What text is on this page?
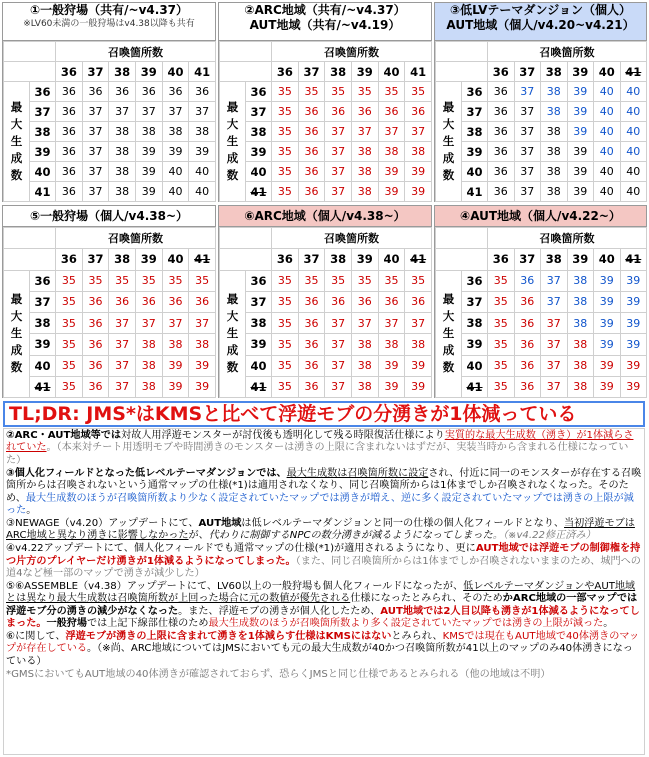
①一般狩場（共有/~v4.37）
※LV60未満の一般狩場はv4.38以降も共有
		召喚箇所数					
		36	37	38	39	40	41

最
大
生
成
数	36	36	36	36	36	36	36
	37	36	37	37	37	37	37
	38	36	37	38	38	38	38
	39	36	37	38	39	39	39
	40	36	37	38	39	40	40
	41	36	37	38	39	40	40
②ARC地域（共有/~v4.37）
AUT地域（共有/~v4.19）
		召喚箇所数					
		36	37	38	39	40	41

最
大
生
成
数	36	35	35	35	35	35	35
	37	35	36	36	36	36	36
	38	35	36	37	37	37	37
	39	35	36	37	38	38	38
	40	35	36	37	38	39	39
	41	35	36	37	38	39	39
③低LVテーマダンジョン（個人）
AUT地域（個人/v4.20~v4.21）
		召喚箇所数					
		36	37	38	39	40	41

最
大
生
成
数	36	36	37	38	39	40	40
	37	36	37	38	39	40	40
	38	36	37	38	39	40	40
	39	36	37	38	39	40	40
	40	36	37	38	39	40	40
	41	36	37	38	39	40	40
⑤一般狩場（個人/v4.38~）
		召喚箇所数					
		36	37	38	39	40	41

最
大
生
成
数	36	35	35	35	35	35	35
	37	35	36	36	36	36	36
	38	35	36	37	37	37	37
	39	35	36	37	38	38	38
	40	35	36	37	38	39	39
	41	35	36	37	38	39	39
⑥ARC地域（個人/v4.38~）
		召喚箇所数					
		36	37	38	39	40	41

最
大
生
成
数	36	35	35	35	35	35	35
	37	35	36	36	36	36	36
	38	35	36	37	37	37	37
	39	35	36	37	38	38	38
	40	35	36	37	38	39	39
	41	35	36	37	38	39	39
④AUT地域（個人/v4.22~）
		召喚箇所数					
		36	37	38	39	40	41

最
大
生
成
数	36	35	36	37	38	39	39
	37	35	36	37	38	39	39
	38	35	36	37	38	39	39
	39	35	36	37	38	39	39
	40	35	36	37	38	39	39
	41	35	36	37	38	39	39
TL;DR: JMS*はKMSと比べて浮遊モブの分湧きが1体減っている

②ARC・AUT地域等では対故人用浮遊モンスターが討伐後も透明化して残る時限復活仕様により実質的な最大生成数（湧き）が1体減らされていた。（本来対チート用透明モブや時間湧きのモンスターは湧きの上限に含まれないはずだが、実装当時から含まれる仕様になっていた）

③個人化フィールドとなった低レベルテーマダンジョンでは、最大生成数は召喚箇所数に設定され、付近に同一のモンスターが存在する召喚箇所からは召喚されないという通常マップの仕様(*1)は適用されなくなり、同じ召喚箇所からは1体までしか召喚されなくなった。そのため、最大生成数のほうが召喚箇所数より少なく設定されていたマップでは湧きが増え、逆に多く設定されていたマップでは湧きの上限が減った。

③NEWAGE（v4.20）アップデートにて、AUT地域は低レベルテーマダンジョンと同一の仕様の個人化フィールドとなり、当初浮遊モブはARC地域と異なり湧きに影響しなかったが、代わりに制御するNPCの数分湧きが減るようになってしまった。（※v4.22修正済み）

④v4.22アップデートにて、個人化フィールドでも通常マップの仕様(*1)が適用されるようになり、更にAUT地域では浮遊モブの制御権を持つ片方のプレイヤーだけ湧きが1体減るようになってしまった。（また、同じ召喚箇所からは1体までしか召喚されないままのため、城門への道4など極一部のマップで湧きが減少した）

⑤⑥ASSEMBLE（v4.38）アップデートにて、LV60以上の一般狩場も個人化フィールドになったが、低レベルテーマダンジョンやAUT地域とは異なり最大生成数は召喚箇所数が上回った場合に元の数値が優先される仕様になったとみられ、そのためかARC地域の一部マップでは浮遊モブ分の湧きの減少がなくなった。また、浮遊モブの湧きが個人化したため、AUT地域では2人目以降も湧きが1体減るようになってしまった。一般狩場では上記下線部仕様のため最大生成数のほうが召喚箇所数より多く設定されていたマップでは湧きの上限が減った。

⑥に関して、浮遊モブが湧きの上限に含まれて湧きを1体減らす仕様はKMSにはないとみられ、KMSでは現在もAUT地域で40体湧きのマップが存在している。（※尚、ARC地域についてはJMSにおいても元の最大生成数が40かつ召喚箇所数が41以上のマップのみ40体湧きになっている）

*GMSにおいてもAUT地域の40体湧きが確認されておらず、恐らくJMSと同じ仕様であるとみられる（他の地域は不明）
